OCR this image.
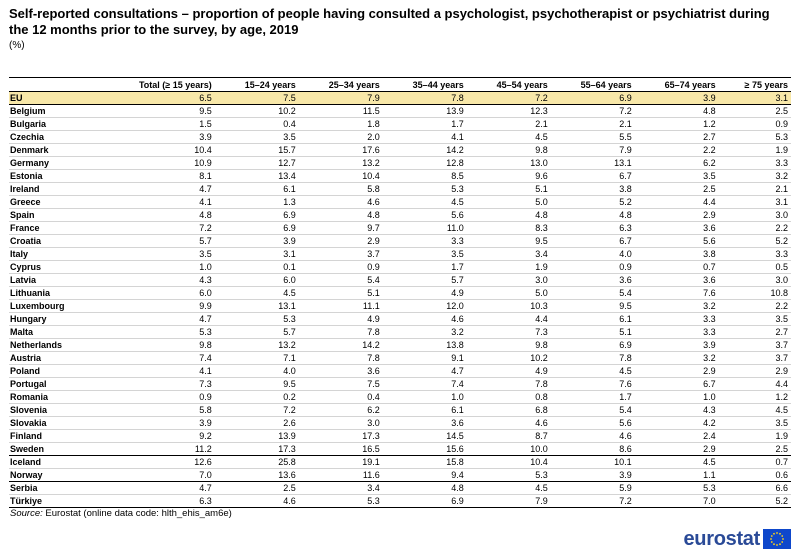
Self-reported consultations – proportion of people having consulted a psychologist, psychotherapist or psychiatrist during the 12 months prior to the survey, by age, 2019
(%)
	Total (≥ 15 years)	15–24 years	25–34 years	35–44 years	45–54 years	55–64 years	65–74 years	≥ 75 years
EU	6.5	7.5	7.9	7.8	7.2	6.9	3.9	3.1
Belgium	9.5	10.2	11.5	13.9	12.3	7.2	4.8	2.5
Bulgaria	1.5	0.4	1.8	1.7	2.1	2.1	1.2	0.9
Czechia	3.9	3.5	2.0	4.1	4.5	5.5	2.7	5.3
Denmark	10.4	15.7	17.6	14.2	9.8	7.9	2.2	1.9
Germany	10.9	12.7	13.2	12.8	13.0	13.1	6.2	3.3
Estonia	8.1	13.4	10.4	8.5	9.6	6.7	3.5	3.2
Ireland	4.7	6.1	5.8	5.3	5.1	3.8	2.5	2.1
Greece	4.1	1.3	4.6	4.5	5.0	5.2	4.4	3.1
Spain	4.8	6.9	4.8	5.6	4.8	4.8	2.9	3.0
France	7.2	6.9	9.7	11.0	8.3	6.3	3.6	2.2
Croatia	5.7	3.9	2.9	3.3	9.5	6.7	5.6	5.2
Italy	3.5	3.1	3.7	3.5	3.4	4.0	3.8	3.3
Cyprus	1.0	0.1	0.9	1.7	1.9	0.9	0.7	0.5
Latvia	4.3	6.0	5.4	5.7	3.0	3.6	3.6	3.0
Lithuania	6.0	4.5	5.1	4.9	5.0	5.4	7.6	10.8
Luxembourg	9.9	13.1	11.1	12.0	10.3	9.5	3.2	2.2
Hungary	4.7	5.3	4.9	4.6	4.4	6.1	3.3	3.5
Malta	5.3	5.7	7.8	3.2	7.3	5.1	3.3	2.7
Netherlands	9.8	13.2	14.2	13.8	9.8	6.9	3.9	3.7
Austria	7.4	7.1	7.8	9.1	10.2	7.8	3.2	3.7
Poland	4.1	4.0	3.6	4.7	4.9	4.5	2.9	2.9
Portugal	7.3	9.5	7.5	7.4	7.8	7.6	6.7	4.4
Romania	0.9	0.2	0.4	1.0	0.8	1.7	1.0	1.2
Slovenia	5.8	7.2	6.2	6.1	6.8	5.4	4.3	4.5
Slovakia	3.9	2.6	3.0	3.6	4.6	5.6	4.2	3.5
Finland	9.2	13.9	17.3	14.5	8.7	4.6	2.4	1.9
Sweden	11.2	17.3	16.5	15.6	10.0	8.6	2.9	2.5
Iceland	12.6	25.8	19.1	15.8	10.4	10.1	4.5	0.7
Norway	7.0	13.6	11.6	9.4	5.3	3.9	1.1	0.6
Serbia	4.7	2.5	3.4	4.8	4.5	5.9	5.3	6.6
Türkiye	6.3	4.6	5.3	6.9	7.9	7.2	7.0	5.2
Source: Eurostat (online data code: hlth_ehis_am6e)
eurostat
